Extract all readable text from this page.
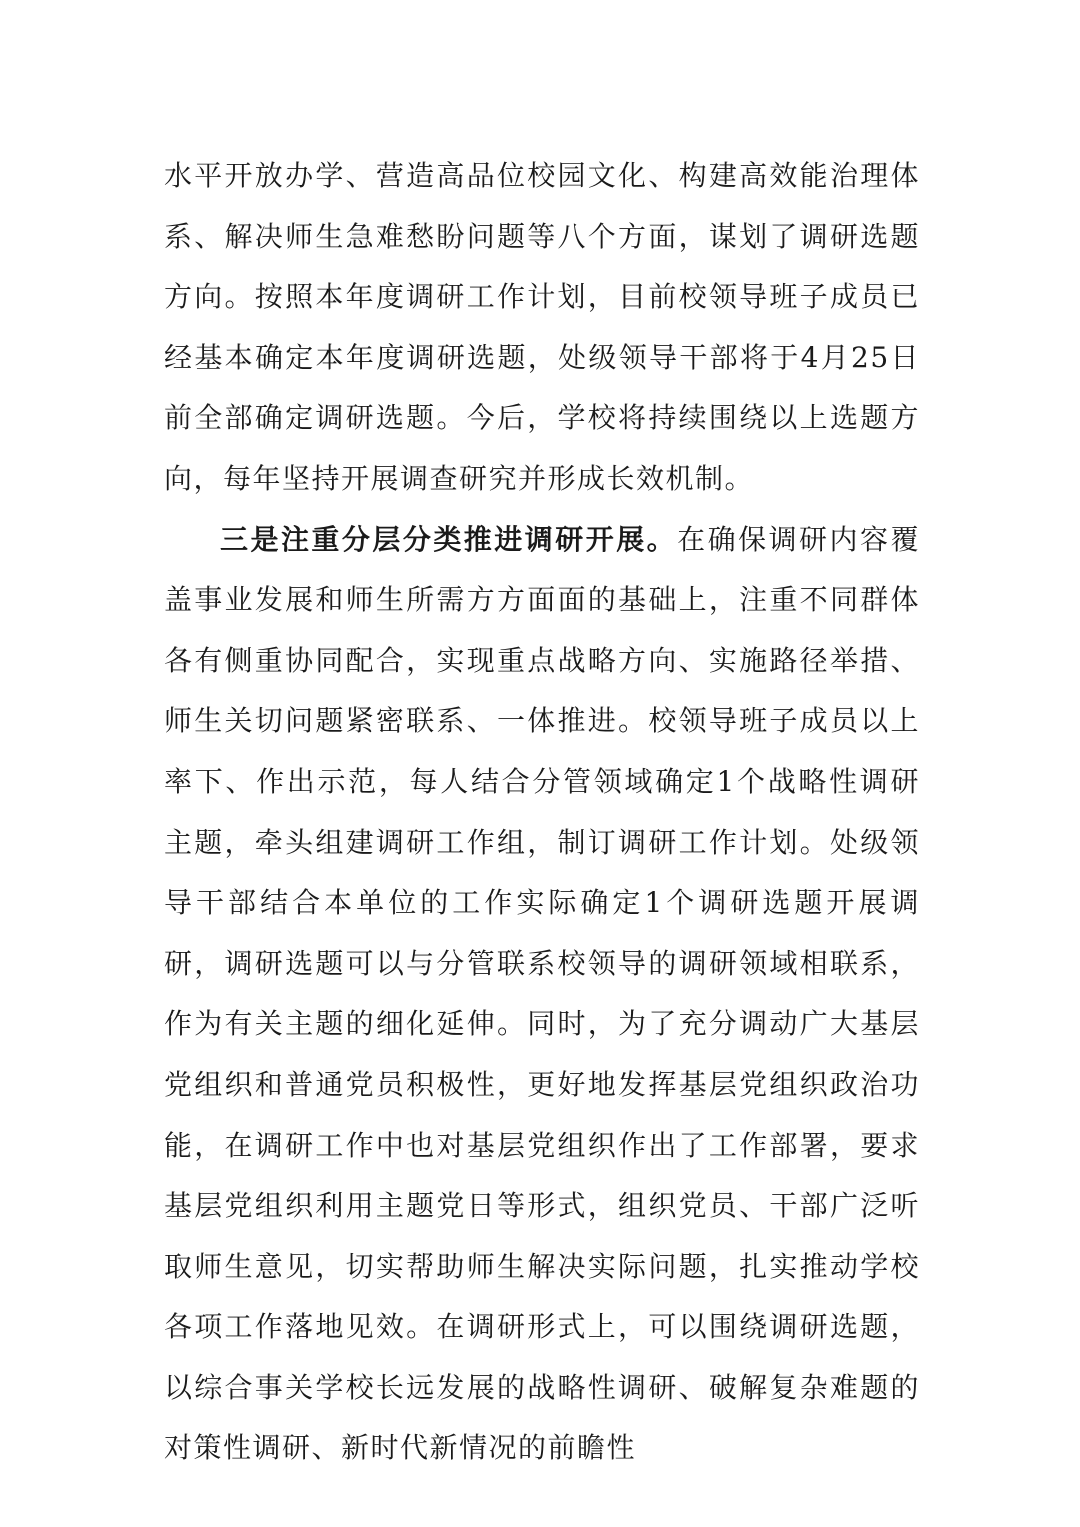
水平开放办学、营造高品位校园文化、构建高效能治理体系、解决师生急难愁盼问题等八个方面，谋划了调研选题方向。按照本年度调研工作计划，目前校领导班子成员已经基本确定本年度调研选题，处级领导干部将于4月25日前全部确定调研选题。今后，学校将持续围绕以上选题方向，每年坚持开展调查研究并形成长效机制。

三是注重分层分类推进调研开展。在确保调研内容覆盖事业发展和师生所需方方面面的基础上，注重不同群体各有侧重协同配合，实现重点战略方向、实施路径举措、师生关切问题紧密联系、一体推进。校领导班子成员以上率下、作出示范，每人结合分管领域确定1个战略性调研主题，牵头组建调研工作组，制订调研工作计划。处级领导干部结合本单位的工作实际确定1个调研选题开展调研，调研选题可以与分管联系校领导的调研领域相联系，作为有关主题的细化延伸。同时，为了充分调动广大基层党组织和普通党员积极性，更好地发挥基层党组织政治功能，在调研工作中也对基层党组织作出了工作部署，要求基层党组织利用主题党日等形式，组织党员、干部广泛听取师生意见，切实帮助师生解决实际问题，扎实推动学校各项工作落地见效。在调研形式上，可以围绕调研选题，以综合事关学校长远发展的战略性调研、破解复杂难题的对策性调研、新时代新情况的前瞻性
